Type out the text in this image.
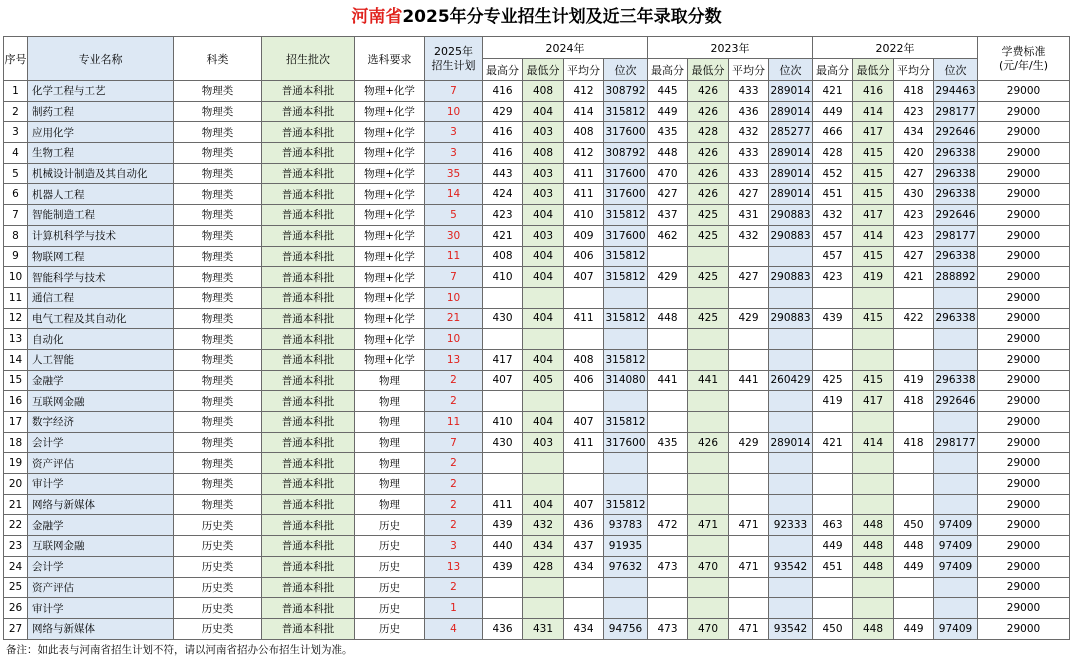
河南省2025年分专业招生计划及近三年录取分数
序号	专业名称	科类	招生批次	选科要求	2025年
招生计划	2024年				2023年				2022年				学费标准
(元/年/生)
						最高分	最低分	平均分	位次	最高分	最低分	平均分	位次	最高分	最低分	平均分	位次	
1	化学工程与工艺	物理类	普通本科批	物理+化学	7	416	408	412	308792	445	426	433	289014	421	416	418	294463	29000
2	制药工程	物理类	普通本科批	物理+化学	10	429	404	414	315812	449	426	436	289014	449	414	423	298177	29000
3	应用化学	物理类	普通本科批	物理+化学	3	416	403	408	317600	435	428	432	285277	466	417	434	292646	29000
4	生物工程	物理类	普通本科批	物理+化学	3	416	408	412	308792	448	426	433	289014	428	415	420	296338	29000
5	机械设计制造及其自动化	物理类	普通本科批	物理+化学	35	443	403	411	317600	470	426	433	289014	452	415	427	296338	29000
6	机器人工程	物理类	普通本科批	物理+化学	14	424	403	411	317600	427	426	427	289014	451	415	430	296338	29000
7	智能制造工程	物理类	普通本科批	物理+化学	5	423	404	410	315812	437	425	431	290883	432	417	423	292646	29000
8	计算机科学与技术	物理类	普通本科批	物理+化学	30	421	403	409	317600	462	425	432	290883	457	414	423	298177	29000
9	物联网工程	物理类	普通本科批	物理+化学	11	408	404	406	315812					457	415	427	296338	29000
10	智能科学与技术	物理类	普通本科批	物理+化学	7	410	404	407	315812	429	425	427	290883	423	419	421	288892	29000
11	通信工程	物理类	普通本科批	物理+化学	10													29000
12	电气工程及其自动化	物理类	普通本科批	物理+化学	21	430	404	411	315812	448	425	429	290883	439	415	422	296338	29000
13	自动化	物理类	普通本科批	物理+化学	10													29000
14	人工智能	物理类	普通本科批	物理+化学	13	417	404	408	315812									29000
15	金融学	物理类	普通本科批	物理	2	407	405	406	314080	441	441	441	260429	425	415	419	296338	29000
16	互联网金融	物理类	普通本科批	物理	2									419	417	418	292646	29000
17	数字经济	物理类	普通本科批	物理	11	410	404	407	315812									29000
18	会计学	物理类	普通本科批	物理	7	430	403	411	317600	435	426	429	289014	421	414	418	298177	29000
19	资产评估	物理类	普通本科批	物理	2													29000
20	审计学	物理类	普通本科批	物理	2													29000
21	网络与新媒体	物理类	普通本科批	物理	2	411	404	407	315812									29000
22	金融学	历史类	普通本科批	历史	2	439	432	436	93783	472	471	471	92333	463	448	450	97409	29000
23	互联网金融	历史类	普通本科批	历史	3	440	434	437	91935					449	448	448	97409	29000
24	会计学	历史类	普通本科批	历史	13	439	428	434	97632	473	470	471	93542	451	448	449	97409	29000
25	资产评估	历史类	普通本科批	历史	2													29000
26	审计学	历史类	普通本科批	历史	1													29000
27	网络与新媒体	历史类	普通本科批	历史	4	436	431	434	94756	473	470	471	93542	450	448	449	97409	29000
备注：如此表与河南省招生计划不符，请以河南省招办公布招生计划为准。
